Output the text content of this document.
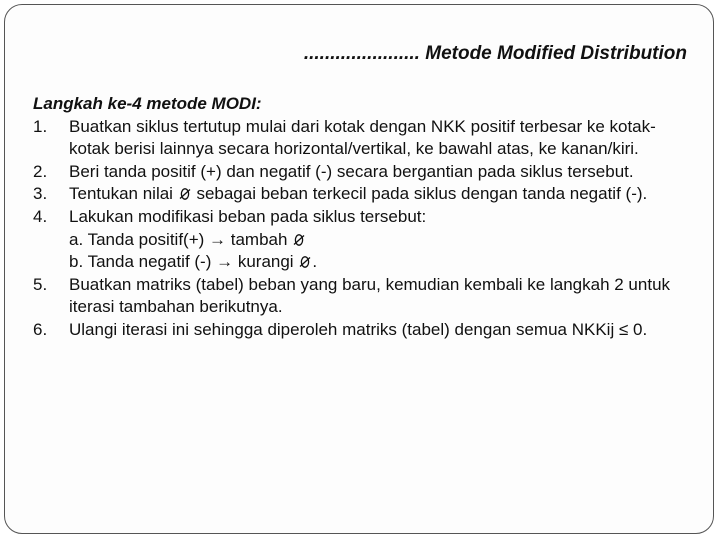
...................... Metode Modified Distribution
Langkah ke-4 metode MODI:
1. Buatkan siklus tertutup mulai dari kotak dengan NKK positif terbesar ke kotak-kotak berisi lainnya secara horizontal/vertikal, ke bawahl atas, ke kanan/kiri.
2. Beri tanda positif (+) dan negatif (-) secara bergantian pada siklus tersebut.
3. Tentukan nilai sebagai beban terkecil pada siklus dengan tanda negatif (-).
4. Lakukan modifikasi beban pada siklus tersebut:
a. Tanda positif(+) → tambah
b. Tanda negatif (-) → kurangi .
5. Buatkan matriks (tabel) beban yang baru, kemudian kembali ke langkah 2 untuk iterasi tambahan berikutnya.
6. Ulangi iterasi ini sehingga diperoleh matriks (tabel) dengan semua NKKij ≤ 0.
